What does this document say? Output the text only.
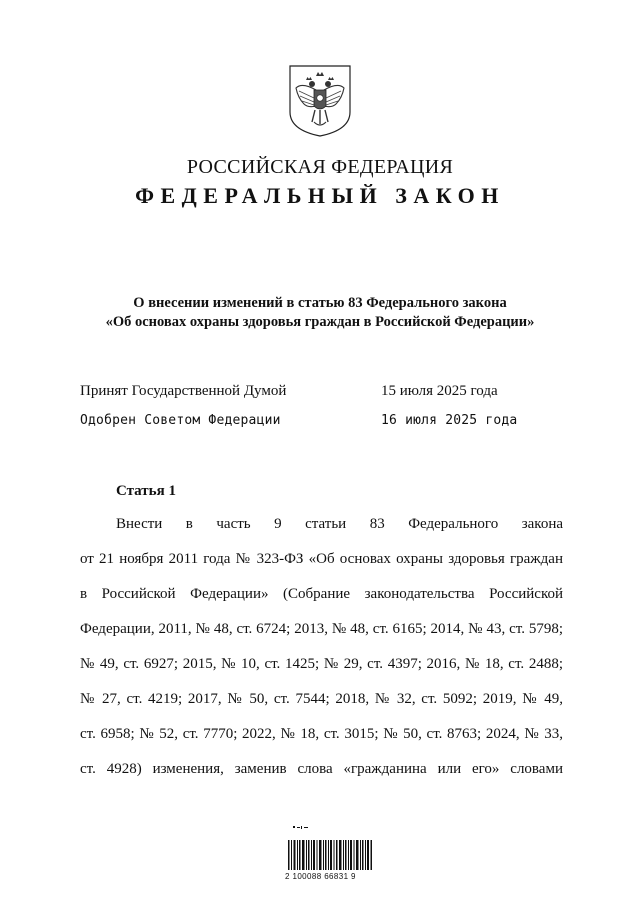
РОССИЙСКАЯ ФЕДЕРАЦИЯ
ФЕДЕРАЛЬНЫЙ ЗАКОН
О внесении изменений в статью 83 Федерального закона
«Об основах охраны здоровья граждан в Российской Федерации»
Принят Государственной Думой	15 июля 2025 года
Одобрен Советом Федерации	16 июля 2025 года
Статья 1
Внести в часть 9 статьи 83 Федерального закона
от 21 ноября 2011 года № 323-ФЗ «Об основах охраны здоровья граждан
в Российской Федерации» (Собрание законодательства Российской
Федерации, 2011, № 48, ст. 6724; 2013, № 48, ст. 6165; 2014, № 43, ст. 5798;
№ 49, ст. 6927; 2015, № 10, ст. 1425; № 29, ст. 4397; 2016, № 18, ст. 2488;
№ 27, ст. 4219; 2017, № 50, ст. 7544; 2018, № 32, ст. 5092; 2019, № 49,
ст. 6958; № 52, ст. 7770; 2022, № 18, ст. 3015; № 50, ст. 8763; 2024, № 33,
ст. 4928) изменения, заменив слова «гражданина или его» словами
2 100088 66831 9
